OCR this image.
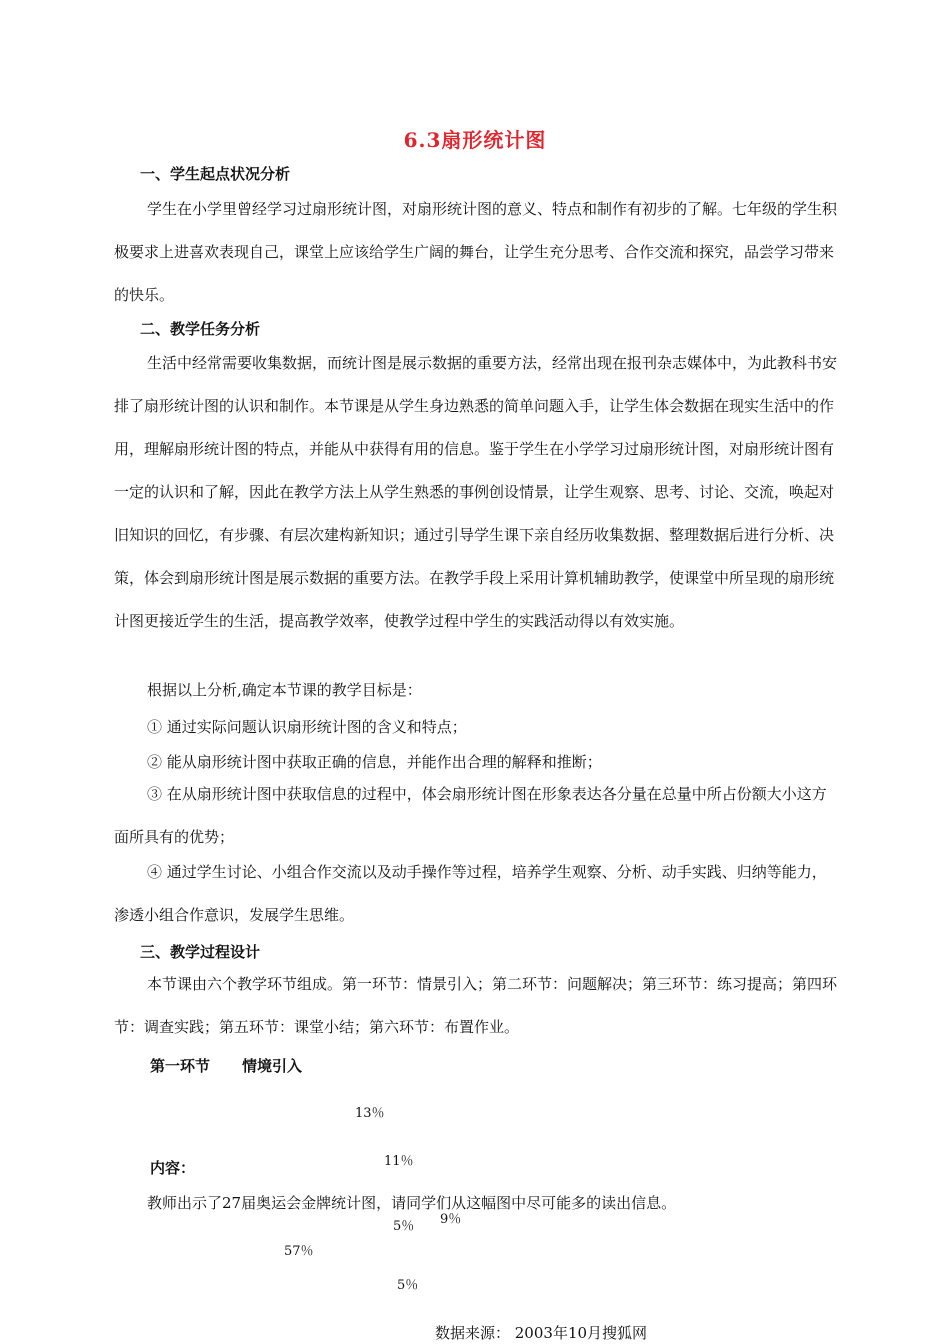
6.3扇形统计图
一、学生起点状况分析
学生在小学里曾经学习过扇形统计图，对扇形统计图的意义、特点和制作有初步的了解。七年级的学生积极要求上进喜欢表现自己，课堂上应该给学生广阔的舞台，让学生充分思考、合作交流和探究，品尝学习带来的快乐。
二、教学任务分析
生活中经常需要收集数据，而统计图是展示数据的重要方法，经常出现在报刊杂志媒体中，为此教科书安排了扇形统计图的认识和制作。本节课是从学生身边熟悉的简单问题入手，让学生体会数据在现实生活中的作用，理解扇形统计图的特点，并能从中获得有用的信息。鉴于学生在小学学习过扇形统计图，对扇形统计图有一定的认识和了解，因此在教学方法上从学生熟悉的事例创设情景，让学生观察、思考、讨论、交流，唤起对旧知识的回忆，有步骤、有层次建构新知识；通过引导学生课下亲自经历收集数据、整理数据后进行分析、决策，体会到扇形统计图是展示数据的重要方法。在教学手段上采用计算机辅助教学，使课堂中所呈现的扇形统计图更接近学生的生活，提高教学效率，使教学过程中学生的实践活动得以有效实施。
根据以上分析,确定本节课的教学目标是：
① 通过实际问题认识扇形统计图的含义和特点；
② 能从扇形统计图中获取正确的信息，并能作出合理的解释和推断；
③ 在从扇形统计图中获取信息的过程中，体会扇形统计图在形象表达各分量在总量中所占份额大小这方面所具有的优势；
④ 通过学生讨论、小组合作交流以及动手操作等过程，培养学生观察、分析、动手实践、归纳等能力，渗透小组合作意识，发展学生思维。
三、教学过程设计
本节课由六个教学环节组成。第一环节：情景引入；第二环节：问题解决；第三环节：练习提高；第四环节：调查实践；第五环节：课堂小结；第六环节：布置作业。
第一环节 情境引入
13％
11％
内容：
教师出示了27届奥运会金牌统计图，请同学们从这幅图中尽可能多的读出信息。
9％
5％
57％
5％
数据来源： 2003年10月搜狐网
